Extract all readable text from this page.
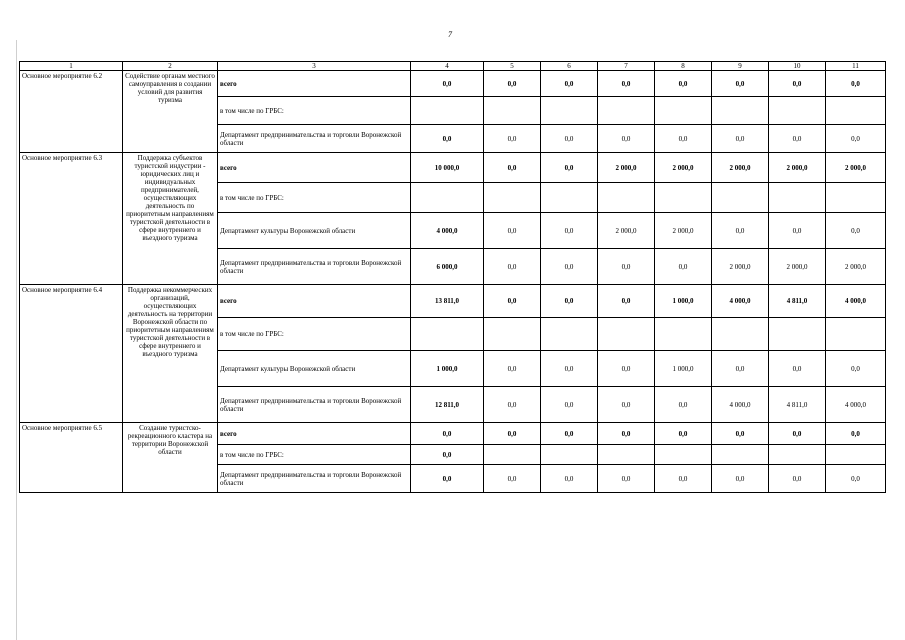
7
1	2	3	4	5	6	7	8	9	10	11
Основное мероприятие 6.2	Содействие органам местного самоуправления в создании условий для развития туризма	всего	0,0	0,0	0,0	0,0	0,0	0,0	0,0	0,0
		в том числе по ГРБС:								
		Департамент предпринимательства и торговли Воронежской области	0,0	0,0	0,0	0,0	0,0	0,0	0,0	0,0
Основное мероприятие 6.3	Поддержка субъектов туристской индустрии - юридических лиц и индивидуальных предпринимателей, осуществляющих деятельность по приоритетным направлениям туристской деятельности в сфере внутреннего и въездного туризма	всего	10 000,0	0,0	0,0	2 000,0	2 000,0	2 000,0	2 000,0	2 000,0
		в том числе по ГРБС:								
		Департамент культуры Воронежской области	4 000,0	0,0	0,0	2 000,0	2 000,0	0,0	0,0	0,0
		Департамент предпринимательства и торговли Воронежской области	6 000,0	0,0	0,0	0,0	0,0	2 000,0	2 000,0	2 000,0
Основное мероприятие 6.4	Поддержка некоммерческих организаций, осуществляющих деятельность на территории Воронежской области по приоритетным направлениям туристской деятельности в сфере внутреннего и въездного туризма	всего	13 811,0	0,0	0,0	0,0	1 000,0	4 000,0	4 811,0	4 000,0
		в том числе по ГРБС:								
		Департамент культуры Воронежской области	1 000,0	0,0	0,0	0,0	1 000,0	0,0	0,0	0,0
		Департамент предпринимательства и торговли Воронежской области	12 811,0	0,0	0,0	0,0	0,0	4 000,0	4 811,0	4 000,0
Основное мероприятие 6.5	Создание туристско-рекреационного кластера на территории Воронежской области	всего	0,0	0,0	0,0	0,0	0,0	0,0	0,0	0,0
		в том числе по ГРБС:	0,0							
		Департамент предпринимательства и торговли Воронежской области	0,0	0,0	0,0	0,0	0,0	0,0	0,0	0,0
